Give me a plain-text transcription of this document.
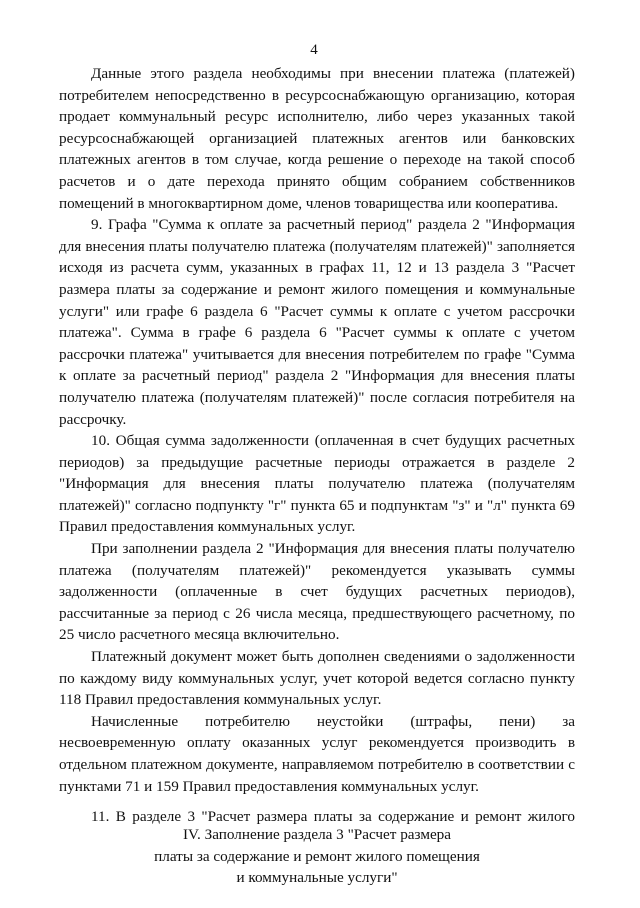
4

Данные этого раздела необходимы при внесении платежа (платежей) потребителем непосредственно в ресурсоснабжающую организацию, которая продает коммунальный ресурс исполнителю, либо через указанных такой ресурсоснабжающей организацией платежных агентов или банковских платежных агентов в том случае, когда решение о переходе на такой способ расчетов и о дате перехода принято общим собранием собственников помещений в многоквартирном доме, членов товарищества или кооператива.

9. Графа "Сумма к оплате за расчетный период" раздела 2 "Информация для внесения платы получателю платежа (получателям платежей)" заполняется исходя из расчета сумм, указанных в графах 11, 12 и 13 раздела 3 "Расчет размера платы за содержание и ремонт жилого помещения и коммунальные услуги" или графе 6 раздела 6 "Расчет суммы к оплате с учетом рассрочки платежа". Сумма в графе 6 раздела 6 "Расчет суммы к оплате с учетом рассрочки платежа" учитывается для внесения потребителем по графе "Сумма к оплате за расчетный период" раздела 2 "Информация для внесения платы получателю платежа (получателям платежей)" после согласия потребителя на рассрочку.

10. Общая сумма задолженности (оплаченная в счет будущих расчетных периодов) за предыдущие расчетные периоды отражается в разделе 2 "Информация для внесения платы получателю платежа (получателям платежей)" согласно подпункту "г" пункта 65 и подпунктам "з" и "л" пункта 69 Правил предоставления коммунальных услуг.

При заполнении раздела 2 "Информация для внесения платы получателю платежа (получателям платежей)" рекомендуется указывать суммы задолженности (оплаченные в счет будущих расчетных периодов), рассчитанные за период с 26 числа месяца, предшествующего расчетному, по 25 число расчетного месяца включительно.

Платежный документ может быть дополнен сведениями о задолженности по каждому виду коммунальных услуг, учет которой ведется согласно пункту 118 Правил предоставления коммунальных услуг.

Начисленные потребителю неустойки (штрафы, пени) за несвоевременную оплату оказанных услуг рекомендуется производить в отдельном платежном документе, направляемом потребителю в соответствии с пунктами 71 и 159 Правил предоставления коммунальных услуг.

IV. Заполнение раздела 3 "Расчет размера
платы за содержание и ремонт жилого помещения
и коммунальные услуги"
11. В разделе 3 "Расчет размера платы за содержание и ремонт жилого
